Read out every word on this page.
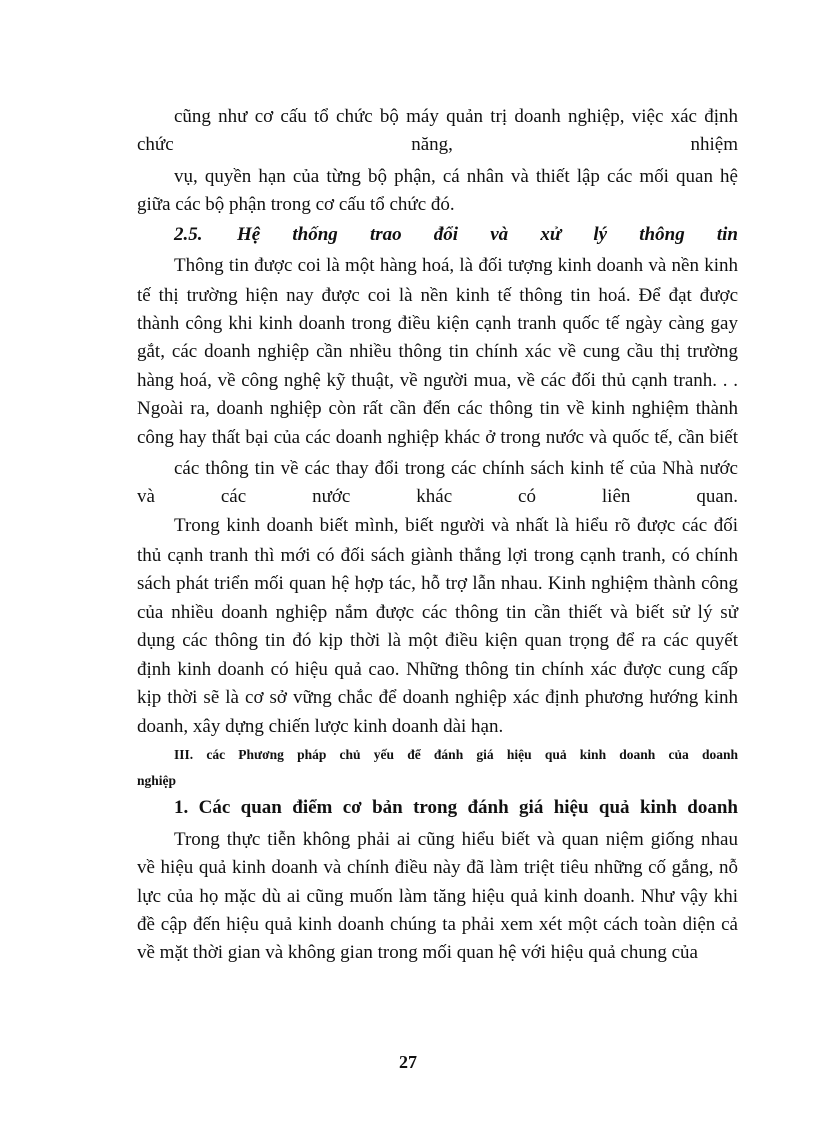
cũng như cơ cấu tổ chức bộ máy quản trị doanh nghiệp, việc xác định
chức năng, nhiệm
vụ, quyền hạn của từng bộ phận, cá nhân và thiết lập các mối quan hệ
giữa các bộ phận trong cơ cấu tổ chức đó.
2.5.	Hệ thống trao đổi và xử lý thông tin
Thông tin được coi là một hàng hoá, là đối tượng kinh doanh và nền kinh
tế thị trường hiện nay được coi là nền kinh tế thông tin hoá. Để đạt được
thành công khi kinh doanh trong điều kiện cạnh tranh quốc tế ngày càng gay
gắt, các doanh nghiệp cần nhiều thông tin chính xác về cung cầu thị trường
hàng hoá, về công nghệ kỹ thuật, về người mua, về các đối thủ cạnh tranh. . .
Ngoài ra, doanh nghiệp còn rất cần đến các thông tin về kinh nghiệm thành
công hay thất bại của các doanh nghiệp khác ở trong nước và quốc tế, cần biết
các thông tin về các thay đổi trong các chính sách kinh tế của Nhà nước
và các nước khác có liên quan.
Trong kinh doanh biết mình, biết người và nhất là hiểu rõ được các đối
thủ cạnh tranh thì mới có đối sách giành thắng lợi trong cạnh tranh, có chính
sách phát triển mối quan hệ hợp tác, hỗ trợ lẫn nhau. Kinh nghiệm thành công
của nhiều doanh nghiệp nắm được các thông tin cần thiết và biết sử lý sử
dụng các thông tin đó kịp thời là một điều kiện quan trọng để ra các quyết
định kinh doanh có hiệu quả cao. Những thông tin chính xác được cung cấp
kịp thời sẽ là cơ sở vững chắc để doanh nghiệp xác định phương hướng kinh
doanh, xây dựng chiến lược kinh doanh dài hạn.
III. các Phương pháp chủ yếu để đánh giá hiệu quả kinh doanh của doanh
nghiệp
1. Các quan điểm cơ bản trong đánh giá hiệu quả kinh doanh
Trong thực tiễn không phải ai cũng hiểu biết và quan niệm giống nhau
về hiệu quả kinh doanh và chính điều này đã làm triệt tiêu những cố gắng, nỗ
lực của họ mặc dù ai cũng muốn làm tăng hiệu quả kinh doanh. Như vậy khi
đề cập đến hiệu quả kinh doanh chúng ta phải xem xét một cách toàn diện cả
về mặt thời gian và không gian trong mối quan hệ với hiệu quả chung của
27
